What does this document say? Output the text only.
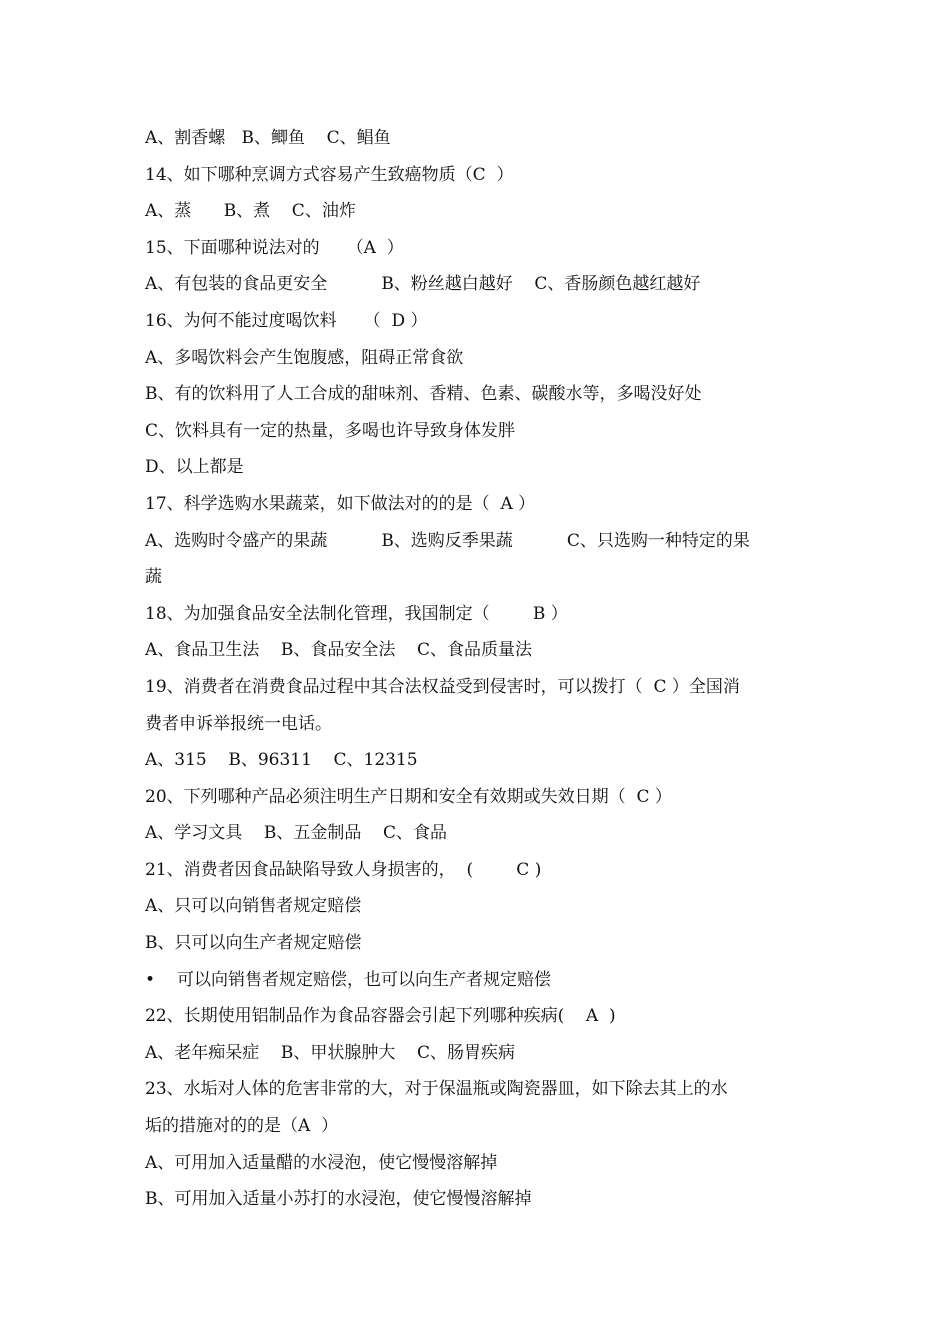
A、割香螺   B、鲫鱼    C、鲳鱼
14、如下哪种烹调方式容易产生致癌物质（C  ）
A、蒸      B、煮    C、油炸
15、下面哪种说法对的     （A  ）
A、有包装的食品更安全          B、粉丝越白越好    C、香肠颜色越红越好
16、为何不能过度喝饮料     （  D ）
A、多喝饮料会产生饱腹感，阻碍正常食欲
B、有的饮料用了人工合成的甜味剂、香精、色素、碳酸水等，多喝没好处
C、饮料具有一定的热量，多喝也许导致身体发胖
D、以上都是
17、科学选购水果蔬菜，如下做法对的的是（  A ）
A、选购时令盛产的果蔬          B、选购反季果蔬          C、只选购一种特定的果
蔬
18、为加强食品安全法制化管理，我国制定（        B ）
A、食品卫生法    B、食品安全法    C、食品质量法
19、消费者在消费食品过程中其合法权益受到侵害时，可以拨打（  C ）全国消
费者申诉举报统一电话。
A、315    B、96311    C、12315
20、下列哪种产品必须注明生产日期和安全有效期或失效日期（  C ）
A、学习文具    B、五金制品    C、食品
21、消费者因食品缺陷导致人身损害的，  (        C )
A、只可以向销售者规定赔偿
B、只可以向生产者规定赔偿
•	可以向销售者规定赔偿，也可以向生产者规定赔偿
22、长期使用铝制品作为食品容器会引起下列哪种疾病(    A  )
A、老年痴呆症    B、甲状腺肿大    C、肠胃疾病
23、水垢对人体的危害非常的大，对于保温瓶或陶瓷器皿，如下除去其上的水
垢的措施对的的是（A  ）
A、可用加入适量醋的水浸泡，使它慢慢溶解掉
B、可用加入适量小苏打的水浸泡，使它慢慢溶解掉
